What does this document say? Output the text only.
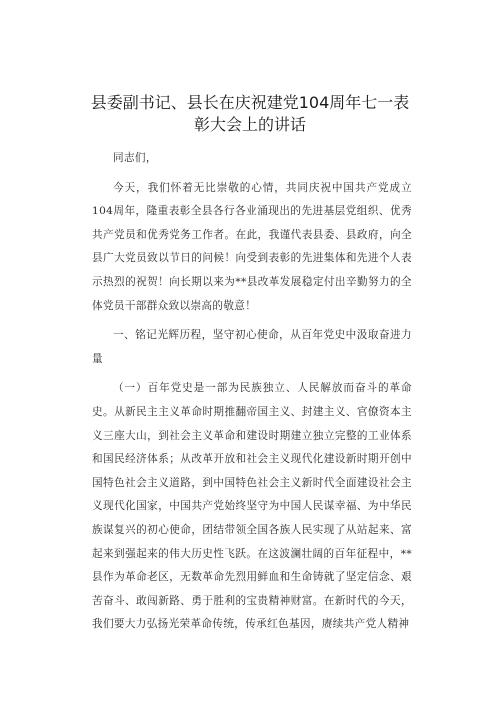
县委副书记、县长在庆祝建党104周年七一表
彰大会上的讲话

同志们，

今天，我们怀着无比崇敬的心情，共同庆祝中国共产党成立104周年，隆重表彰全县各行各业涌现出的先进基层党组织、优秀共产党员和优秀党务工作者。在此，我谨代表县委、县政府，向全县广大党员致以节日的问候！向受到表彰的先进集体和先进个人表示热烈的祝贺！向长期以来为**县改革发展稳定付出辛勤努力的全体党员干部群众致以崇高的敬意！

一、铭记光辉历程，坚守初心使命，从百年党史中汲取奋进力量

（一）百年党史是一部为民族独立、人民解放而奋斗的革命史。从新民主主义革命时期推翻帝国主义、封建主义、官僚资本主义三座大山，到社会主义革命和建设时期建立独立完整的工业体系和国民经济体系；从改革开放和社会主义现代化建设新时期开创中国特色社会主义道路，到中国特色社会主义新时代全面建设社会主义现代化国家，中国共产党始终坚守为中国人民谋幸福、为中华民族谋复兴的初心使命，团结带领全国各族人民实现了从站起来、富起来到强起来的伟大历史性飞跃。在这波澜壮阔的百年征程中，**县作为革命老区，无数革命先烈用鲜血和生命铸就了坚定信念、艰苦奋斗、敢闯新路、勇于胜利的宝贵精神财富。在新时代的今天，我们要大力弘扬光荣革命传统，传承红色基因，赓续共产党人精神
